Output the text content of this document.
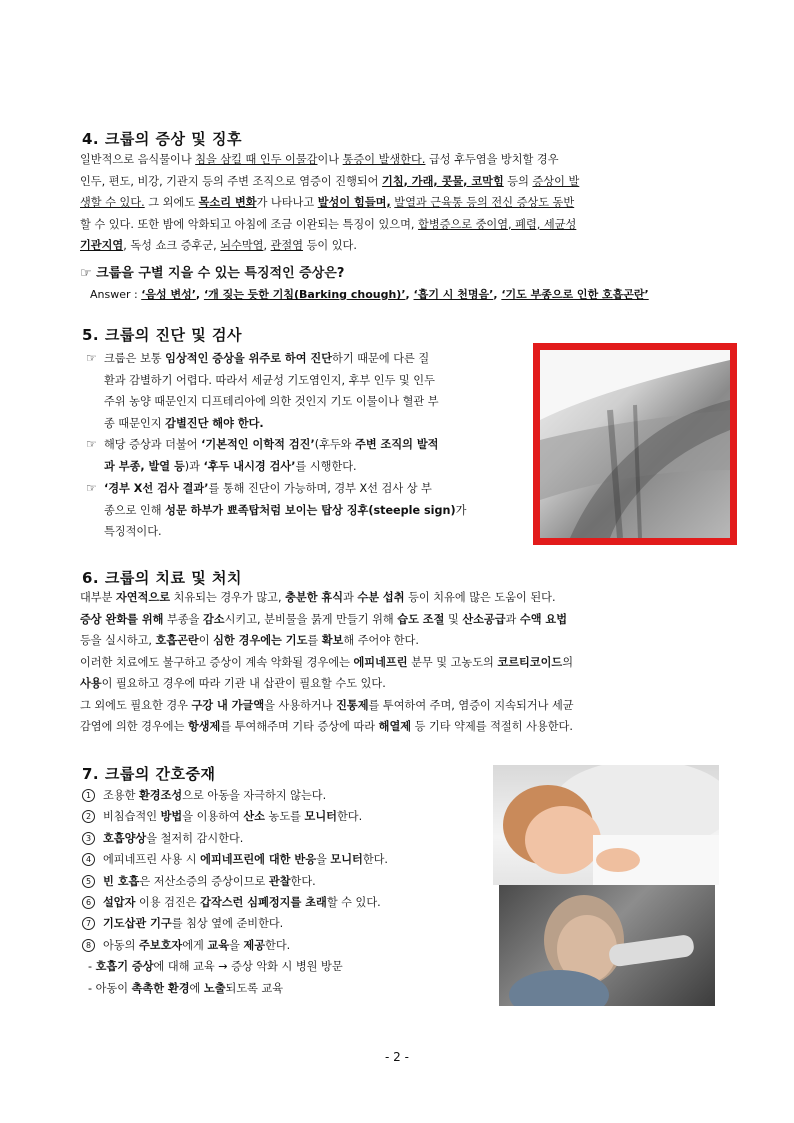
4. 크룹의 증상 및 징후
일반적으로 음식물이나 침을 삼킬 때 인두 이물감이나 통증이 발생한다. 급성 후두염을 방치할 경우
인두, 편도, 비강, 기관지 등의 주변 조직으로 염증이 진행되어 기침, 가래, 콧물, 코막힘 등의 증상이 발
생할 수 있다. 그 외에도 목소리 변화가 나타나고 발성이 힘들며, 발열과 근육통 등의 전신 증상도 동반
할 수 있다. 또한 밤에 악화되고 아침에 조금 이완되는 특징이 있으며, 합병증으로 중이염, 폐렴, 세균성
기관지염, 독성 쇼크 증후군, 뇌수막염, 관절염 등이 있다.
☞ 크룹을 구별 지을 수 있는 특징적인 증상은?
Answer : ‘음성 변성’, ‘개 짖는 듯한 기침(Barking chough)’, ‘흡기 시 천명음’, ‘기도 부종으로 인한 호흡곤란’
5. 크룹의 진단 및 검사
☞ 크룹은 보통 임상적인 증상을 위주로 하여 진단하기 때문에 다른 질
환과 감별하기 어렵다. 따라서 세균성 기도염인지, 후부 인두 및 인두
주위 농양 때문인지 디프테리아에 의한 것인지 기도 이물이나 혈관 부
종 때문인지 감별진단 해야 한다.
☞ 해당 증상과 더불어 ‘기본적인 이학적 검진’(후두와 주변 조직의 발적
과 부종, 발열 등)과 ‘후두 내시경 검사’를 시행한다.
☞ ‘경부 X선 검사 결과’를 통해 진단이 가능하며, 경부 X선 검사 상 부
종으로 인해 성문 하부가 뾰족탑처럼 보이는 탑상 징후(steeple sign)가
특징적이다.
6. 크룹의 치료 및 처치
대부분 자연적으로 치유되는 경우가 많고, 충분한 휴식과 수분 섭취 등이 치유에 많은 도움이 된다.
증상 완화를 위해 부종을 감소시키고, 분비물을 묽게 만들기 위해 습도 조절 및 산소공급과 수액 요법
등을 실시하고, 호흡곤란이 심한 경우에는 기도를 확보해 주어야 한다.
이러한 치료에도 불구하고 증상이 계속 악화될 경우에는 에피네프린 분무 및 고농도의 코르티코이드의
사용이 필요하고 경우에 따라 기관 내 삽관이 필요할 수도 있다.
그 외에도 필요한 경우 구강 내 가글액을 사용하거나 진통제를 투여하여 주며, 염증이 지속되거나 세균
감염에 의한 경우에는 항생제를 투여해주며 기타 증상에 따라 해열제 등 기타 약제를 적절히 사용한다.
7. 크룹의 간호중재
1 조용한 환경조성으로 아동을 자극하지 않는다.
2 비침습적인 방법을 이용하여 산소 농도를 모니터한다.
3 호흡양상을 철저히 감시한다.
4 에피네프린 사용 시 에피네프린에 대한 반응을 모니터한다.
5 빈 호흡은 저산소증의 증상이므로 관찰한다.
6 설압자 이용 검진은 갑작스런 심폐정지를 초래할 수 있다.
7 기도삽관 기구를 침상 옆에 준비한다.
8 아동의 주보호자에게 교육을 제공한다.
- 호흡기 증상에 대해 교육 → 증상 악화 시 병원 방문
- 아동이 촉촉한 환경에 노출되도록 교육
- 2 -
